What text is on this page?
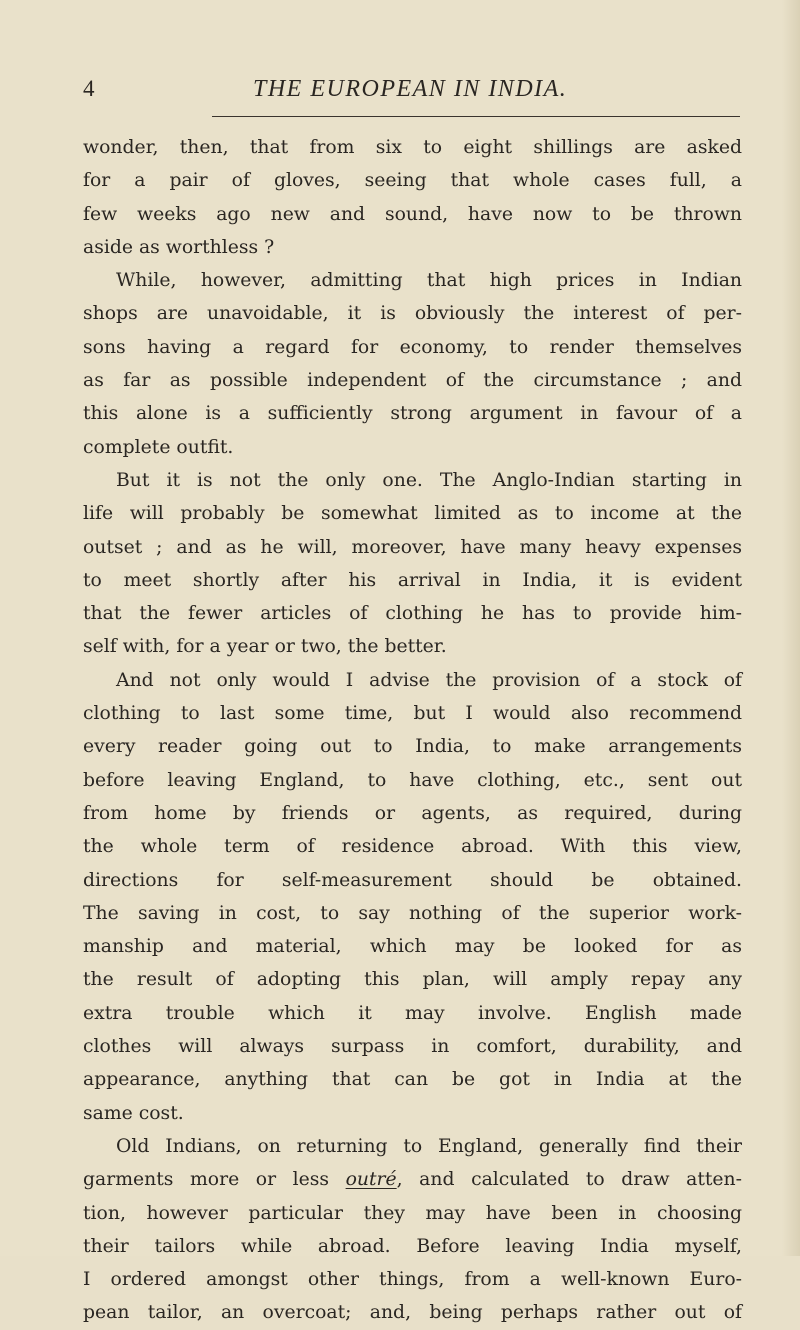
4	THE EUROPEAN IN INDIA.
wonder, then, that from six to eight shillings are asked
for a pair of gloves, seeing that whole cases full, a
few weeks ago new and sound, have now to be thrown
aside as worthless ?
While, however, admitting that high prices in Indian
shops are unavoidable, it is obviously the interest of per-
sons having a regard for economy, to render themselves
as far as possible independent of the circumstance ; and
this alone is a sufficiently strong argument in favour of a
complete outfit.
But it is not the only one. The Anglo-Indian starting in
life will probably be somewhat limited as to income at the
outset ; and as he will, moreover, have many heavy expenses
to meet shortly after his arrival in India, it is evident
that the fewer articles of clothing he has to provide him-
self with, for a year or two, the better.
And not only would I advise the provision of a stock of
clothing to last some time, but I would also recommend
every reader going out to India, to make arrangements
before leaving England, to have clothing, etc., sent out
from home by friends or agents, as required, during
the whole term of residence abroad. With this view,
directions for self-measurement should be obtained.
The saving in cost, to say nothing of the superior work-
manship and material, which may be looked for as
the result of adopting this plan, will amply repay any
extra trouble which it may involve. English made
clothes will always surpass in comfort, durability, and
appearance, anything that can be got in India at the
same cost.
Old Indians, on returning to England, generally find their
garments more or less outré, and calculated to draw atten-
tion, however particular they may have been in choosing
their tailors while abroad. Before leaving India myself,
I ordered amongst other things, from a well-known Euro-
pean tailor, an overcoat; and, being perhaps rather out of
